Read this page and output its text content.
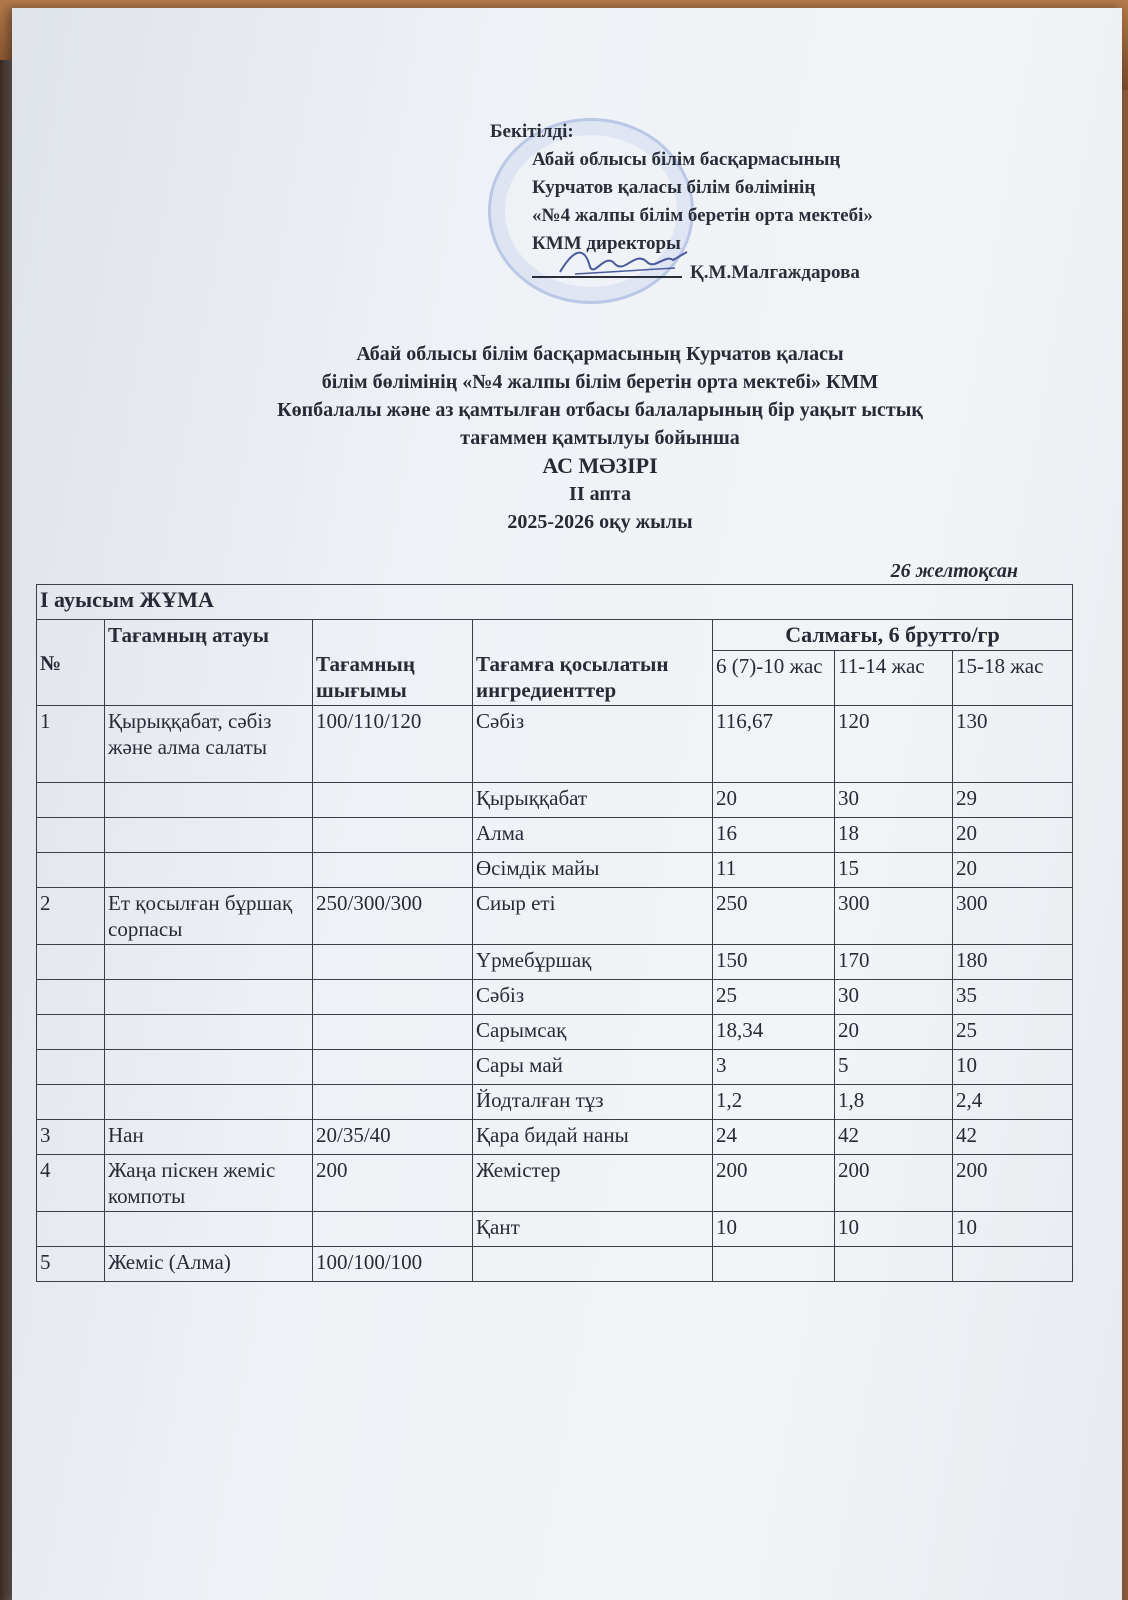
Бекітілді:
Абай облысы білім басқармасының
Курчатов қаласы білім бөлімінің
«№4 жалпы білім беретін орта мектебі»
КММ директоры
Қ.М.Малгаждарова
Абай облысы білім басқармасының Курчатов қаласы
білім бөлімінің «№4 жалпы білім беретін орта мектебі» КММ
Көпбалалы және аз қамтылған отбасы балаларының бір уақыт ыстық
тағаммен қамтылуы бойынша
АС МӘЗІРІ
ІІ апта
2025-2026 оқу жылы
26 желтоқсан
І ауысым ЖҰМА						
№	Тағамның атауы	Тағамның шығымы	Тағамға қосылатын ингредиенттер	Салмағы, 6 брутто/гр		
				6 (7)-10 жас	11-14 жас	15-18 жас
1	Қырыққабат, сәбіз және алма салаты	100/110/120	Сәбіз	116,67	120	130
			Қырыққабат	20	30	29
			Алма	16	18	20
			Өсімдік майы	11	15	20
2	Ет қосылған бұршақ сорпасы	250/300/300	Сиыр еті	250	300	300
			Үрмебұршақ	150	170	180
			Сәбіз	25	30	35
			Сарымсақ	18,34	20	25
			Сары май	3	5	10
			Йодталған тұз	1,2	1,8	2,4
3	Нан	20/35/40	Қара бидай наны	24	42	42
4	Жаңа піскен жеміс компоты	200	Жемістер	200	200	200
			Қант	10	10	10
5	Жеміс (Алма)	100/100/100				
